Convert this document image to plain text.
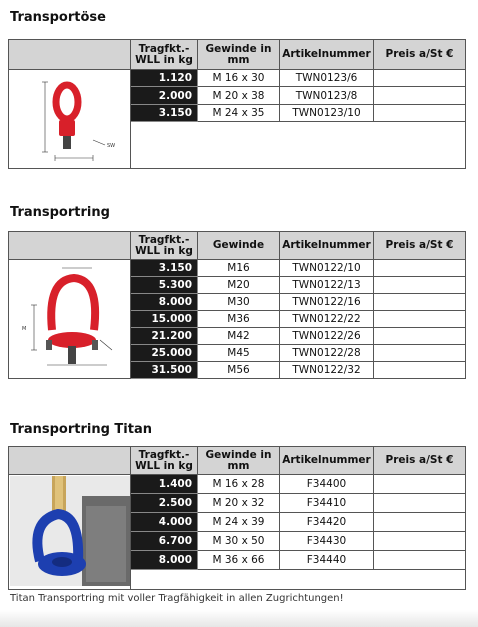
Transportöse
	Tragfkt.- WLL in kg	Gewinde in mm	Artikelnummer	Preis a/St €

SW	1.120	M 16 x 30	TWN0123/6	
	2.000	M 20 x 38	TWN0123/8	
	3.150	M 24 x 35	TWN0123/10	

Transportring
	Tragfkt.- WLL in kg	Gewinde	Artikelnummer	Preis a/St €

M	3.150	M16	TWN0122/10	
	5.300	M20	TWN0122/13	
	8.000	M30	TWN0122/16	
	15.000	M36	TWN0122/22	
	21.200	M42	TWN0122/26	
	25.000	M45	TWN0122/28	
	31.500	M56	TWN0122/32	
Transportring Titan
	Tragfkt.- WLL in kg	Gewinde in mm	Artikelnummer	Preis a/St €
	1.400	M 16 x 28	F34400	
	2.500	M 20 x 32	F34410	
	4.000	M 24 x 39	F34420	
	6.700	M 30 x 50	F34430	
	8.000	M 36 x 66	F34440	

Titan Transportring mit voller Tragfähigkeit in allen Zugrichtungen!
